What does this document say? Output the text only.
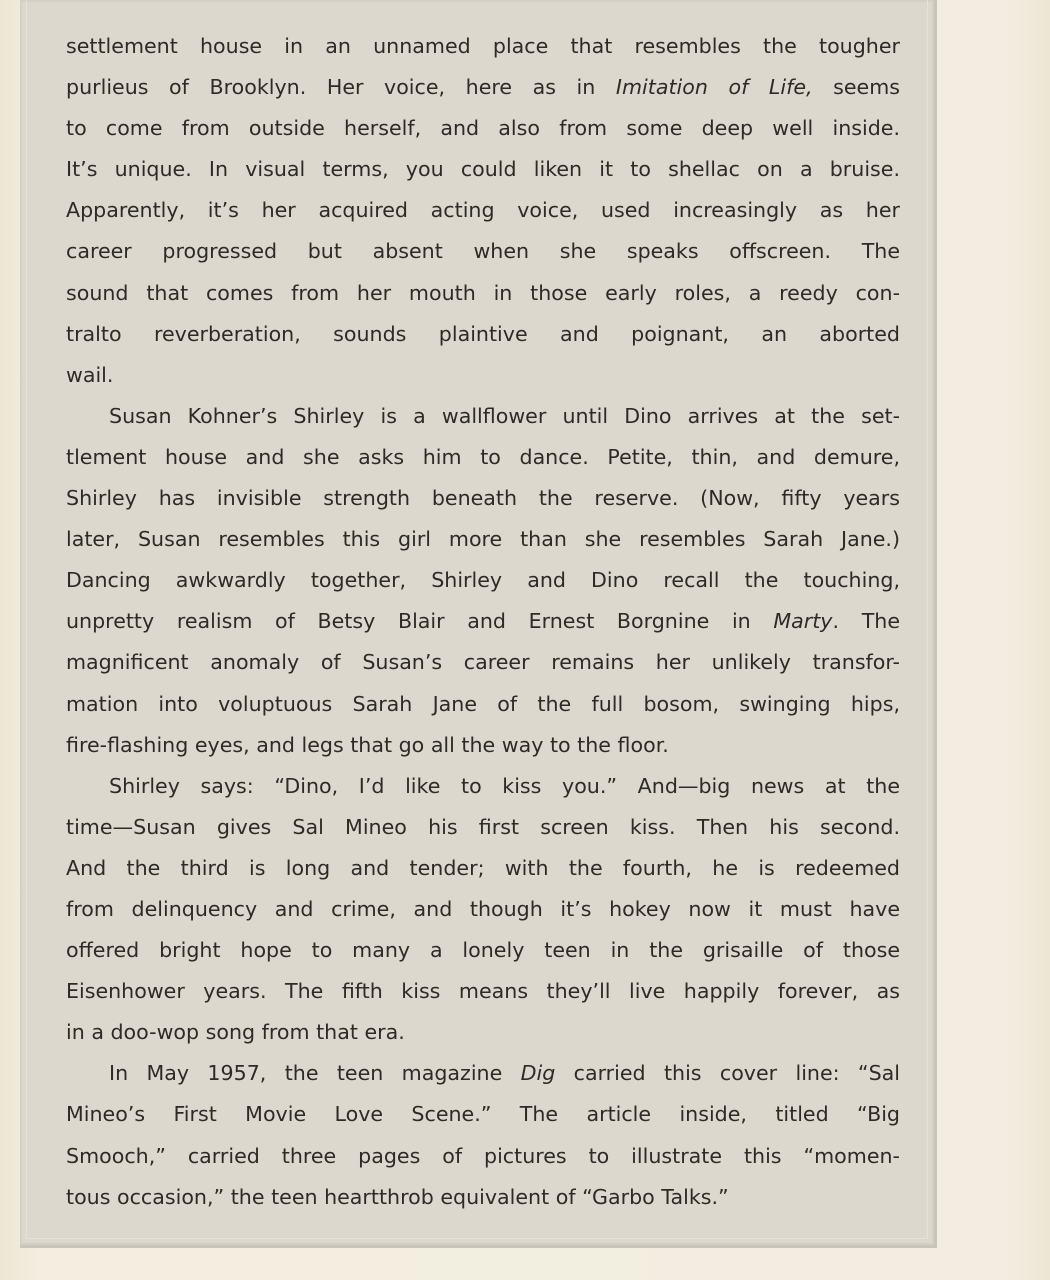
settlement house in an unnamed place that resembles the tougher
purlieus of Brooklyn. Her voice, here as in Imitation of Life, seems
to come from outside herself, and also from some deep well inside.
It’s unique. In visual terms, you could liken it to shellac on a bruise.
Apparently, it’s her acquired acting voice, used increasingly as her
career progressed but absent when she speaks offscreen. The
sound that comes from her mouth in those early roles, a reedy con-
tralto reverberation, sounds plaintive and poignant, an aborted
wail.

Susan Kohner’s Shirley is a wallflower until Dino arrives at the set-
tlement house and she asks him to dance. Petite, thin, and demure,
Shirley has invisible strength beneath the reserve. (Now, fifty years
later, Susan resembles this girl more than she resembles Sarah Jane.)
Dancing awkwardly together, Shirley and Dino recall the touching,
unpretty realism of Betsy Blair and Ernest Borgnine in Marty. The
magnificent anomaly of Susan’s career remains her unlikely transfor-
mation into voluptuous Sarah Jane of the full bosom, swinging hips,
fire-flashing eyes, and legs that go all the way to the floor.

Shirley says: “Dino, I’d like to kiss you.” And—big news at the
time—Susan gives Sal Mineo his first screen kiss. Then his second.
And the third is long and tender; with the fourth, he is redeemed
from delinquency and crime, and though it’s hokey now it must have
offered bright hope to many a lonely teen in the grisaille of those
Eisenhower years. The fifth kiss means they’ll live happily forever, as
in a doo-wop song from that era.

In May 1957, the teen magazine Dig carried this cover line: “Sal
Mineo’s First Movie Love Scene.” The article inside, titled “Big
Smooch,” carried three pages of pictures to illustrate this “momen-
tous occasion,” the teen heartthrob equivalent of “Garbo Talks.”
